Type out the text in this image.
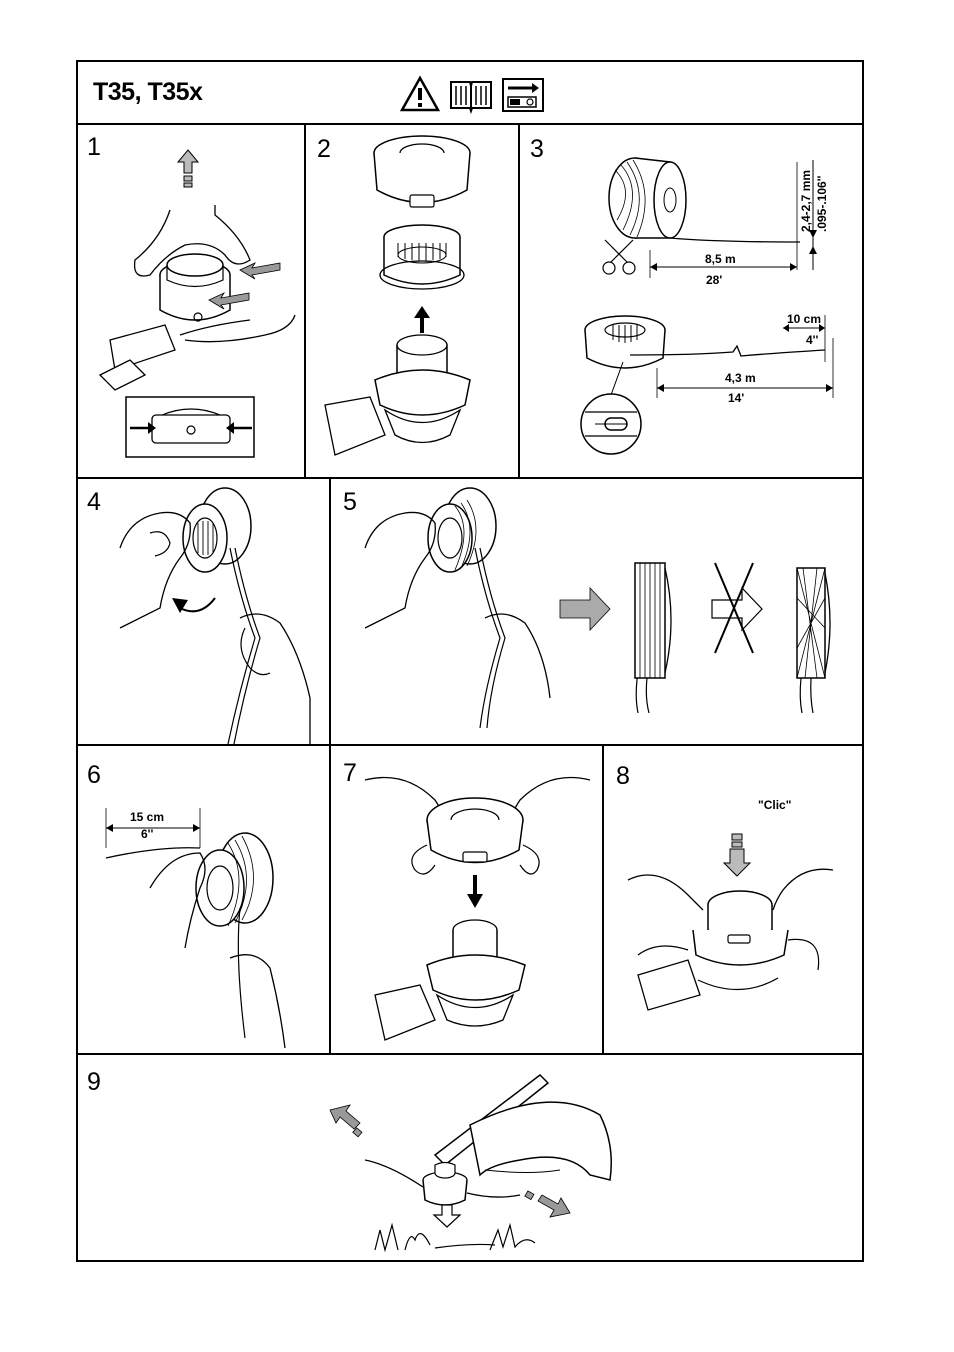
T35, T35x
1	2	3
4	5
6	7	8
9
8,5 m
28'
2,4-2,7 mm .095-.106''
10 cm
4''
4,3 m
14'
15 cm
6''
"Clic"
